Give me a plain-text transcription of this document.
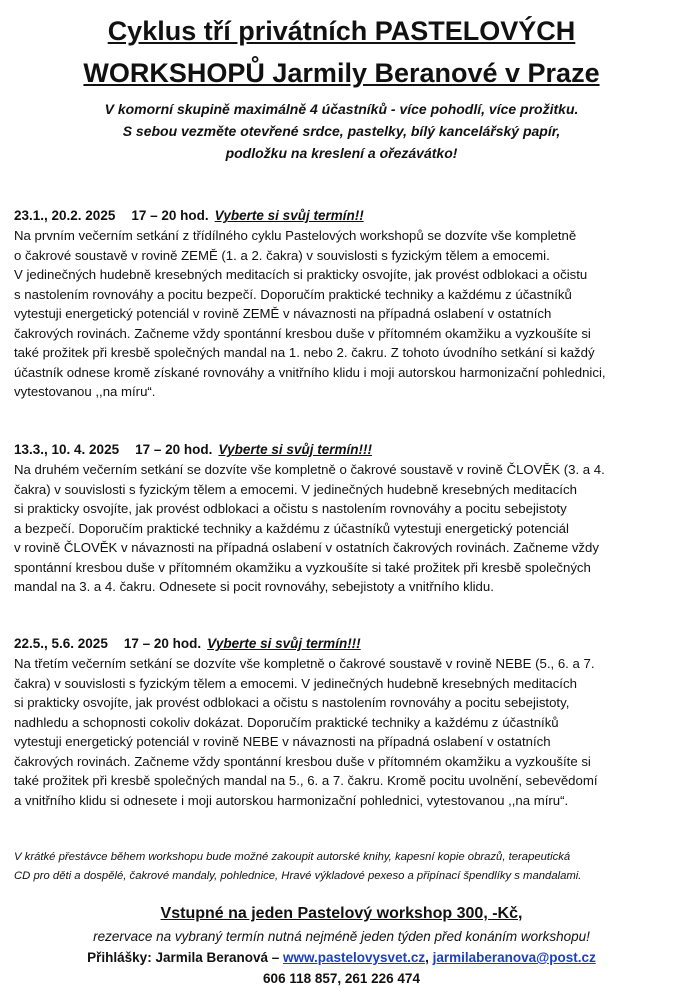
Cyklus tří privátních PASTELOVÝCH
WORKSHOPŮ Jarmily Beranové v Praze
V komorní skupině maximálně 4 účastníků - více pohodlí, více prožitku.
S sebou vezměte otevřené srdce, pastelky, bílý kancelářský papír,
podložku na kreslení a ořezávátko!
23.1., 20.2. 2025 17 – 20 hod. Vyberte si svůj termín!!
Na prvním večerním setkání z třídílného cyklu Pastelových workshopů se dozvíte vše kompletně
o čakrové soustavě v rovině ZEMĚ (1. a 2. čakra) v souvislosti s fyzickým tělem a emocemi.
V jedinečných hudebně kresebných meditacích si prakticky osvojíte, jak provést odblokaci a očistu
s nastolením rovnováhy a pocitu bezpečí. Doporučím praktické techniky a každému z účastníků
vytestuji energetický potenciál v rovině ZEMĚ v návaznosti na případná oslabení v ostatních
čakrových rovinách. Začneme vždy spontánní kresbou duše v přítomném okamžiku a vyzkoušíte si
také prožitek při kresbě společných mandal na 1. nebo 2. čakru. Z tohoto úvodního setkání si každý
účastník odnese kromě získané rovnováhy a vnitřního klidu i moji autorskou harmonizační pohlednici,
vytestovanou ,,na míru“.
13.3., 10. 4. 2025 17 – 20 hod. Vyberte si svůj termín!!!
Na druhém večerním setkání se dozvíte vše kompletně o čakrové soustavě v rovině ČLOVĚK (3. a 4.
čakra) v souvislosti s fyzickým tělem a emocemi. V jedinečných hudebně kresebných meditacích
si prakticky osvojíte, jak provést odblokaci a očistu s nastolením rovnováhy a pocitu sebejistoty
a bezpečí. Doporučím praktické techniky a každému z účastníků vytestuji energetický potenciál
v rovině ČLOVĚK v návaznosti na případná oslabení v ostatních čakrových rovinách. Začneme vždy
spontánní kresbou duše v přítomném okamžiku a vyzkoušíte si také prožitek při kresbě společných
mandal na 3. a 4. čakru. Odnesete si pocit rovnováhy, sebejistoty a vnitřního klidu.
22.5., 5.6. 2025 17 – 20 hod. Vyberte si svůj termín!!!
Na třetím večerním setkání se dozvíte vše kompletně o čakrové soustavě v rovině NEBE (5., 6. a 7.
čakra) v souvislosti s fyzickým tělem a emocemi. V jedinečných hudebně kresebných meditacích
si prakticky osvojíte, jak provést odblokaci a očistu s nastolením rovnováhy a pocitu sebejistoty,
nadhledu a schopnosti cokoliv dokázat. Doporučím praktické techniky a každému z účastníků
vytestuji energetický potenciál v rovině NEBE v návaznosti na případná oslabení v ostatních
čakrových rovinách. Začneme vždy spontánní kresbou duše v přítomném okamžiku a vyzkoušíte si
také prožitek při kresbě společných mandal na 5., 6. a 7. čakru. Kromě pocitu uvolnění, sebevědomí
a vnitřního klidu si odnesete i moji autorskou harmonizační pohlednici, vytestovanou ,,na míru“.
V krátké přestávce během workshopu bude možné zakoupit autorské knihy, kapesní kopie obrazů, terapeutická
CD pro děti a dospělé, čakrové mandaly, pohlednice, Hravé výkladové pexeso a připínací špendlíky s mandalami.
Vstupné na jeden Pastelový workshop 300, -Kč,
rezervace na vybraný termín nutná nejméně jeden týden před konáním workshopu!
Přihlášky: Jarmila Beranová – www.pastelovysvet.cz, jarmilaberanova@post.cz
606 118 857, 261 226 474
